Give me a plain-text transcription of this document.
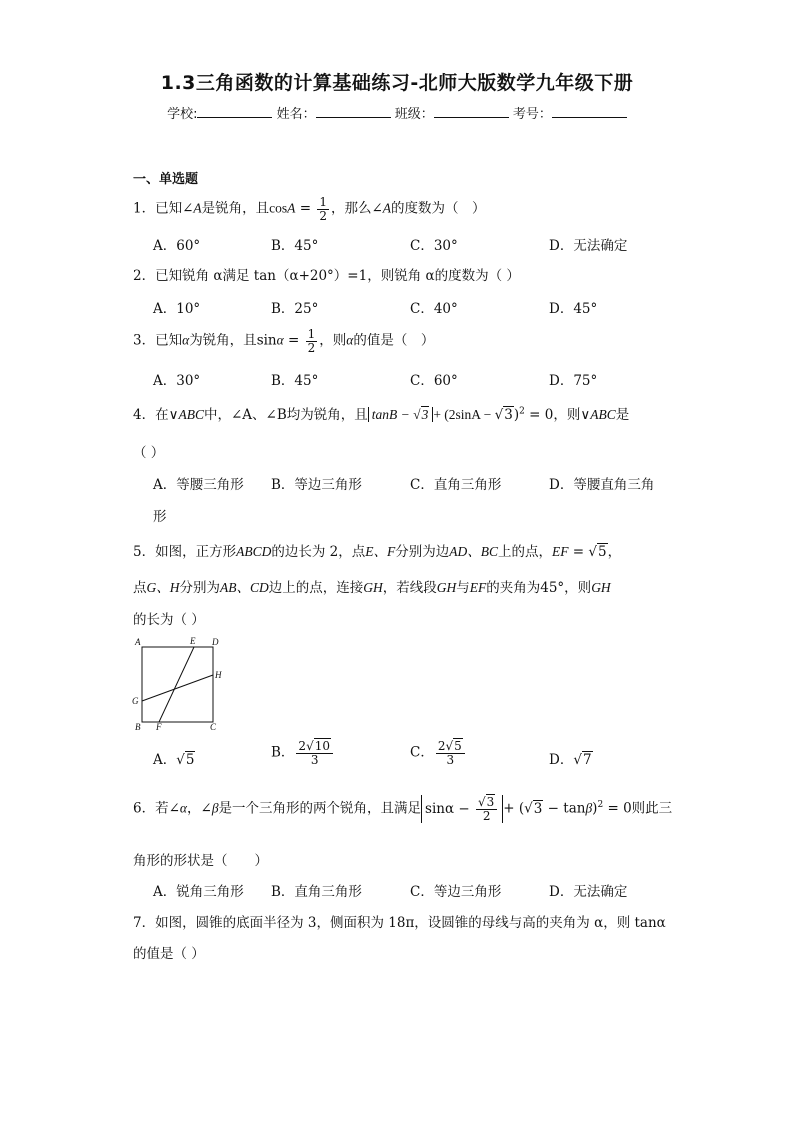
1.3三角函数的计算基础练习-北师大版数学九年级下册
学校:	姓名：	班级：	考号：
一、单选题
1．已知∠A是锐角，且$\cos A = \frac{1}{2}$ ，那么∠A的度数为（　）
A．60°	B．45°	C．30°	D．无法确定
2．已知锐角 α满足 tan（α+20°）=1，则锐角 α的度数为（ ）
A．10°	B．25°	C．40°	D．45°
3．已知α为锐角，且$\sin\alpha = \frac{1}{2}$ ，则α的值是（　）
A．30°	B．45°	C．60°	D．75°
4．在∨ABC中，∠A、∠B均为锐角，且 $\tan B - √3 + (2\sin A - √3)^2 = 0$，则∨ABC是
（ ）
A．等腰三角形 B．等边三角形	C．直角三角形	D．等腰直角三角
形
5．如图，正方形ABCD的边长为 2，点E、F分别为边AD、BC上的点，EF = √5，
点G、H分别为AB、CD边上的点，连接GH，若线段GH与EF的夹角为45°，则GH
的长为（ ）
A	E D
G
H
B F	C
A．√5	B． $\frac{2√10}{3}$	C． $\frac{2√5}{3}$	D．√7
6．若∠α，∠β是一个三角形的两个锐角，且满足 $\sin\alpha - \frac{√3}{2} + (√3 - \tan\beta)^2 = 0$则此三
角形的形状是（　　）
A．锐角三角形 B．直角三角形	C．等边三角形	D．无法确定
7．如图，圆锥的底面半径为 3，侧面积为 18π，设圆锥的母线与高的夹角为 α，则 tanα
的值是（ ）
